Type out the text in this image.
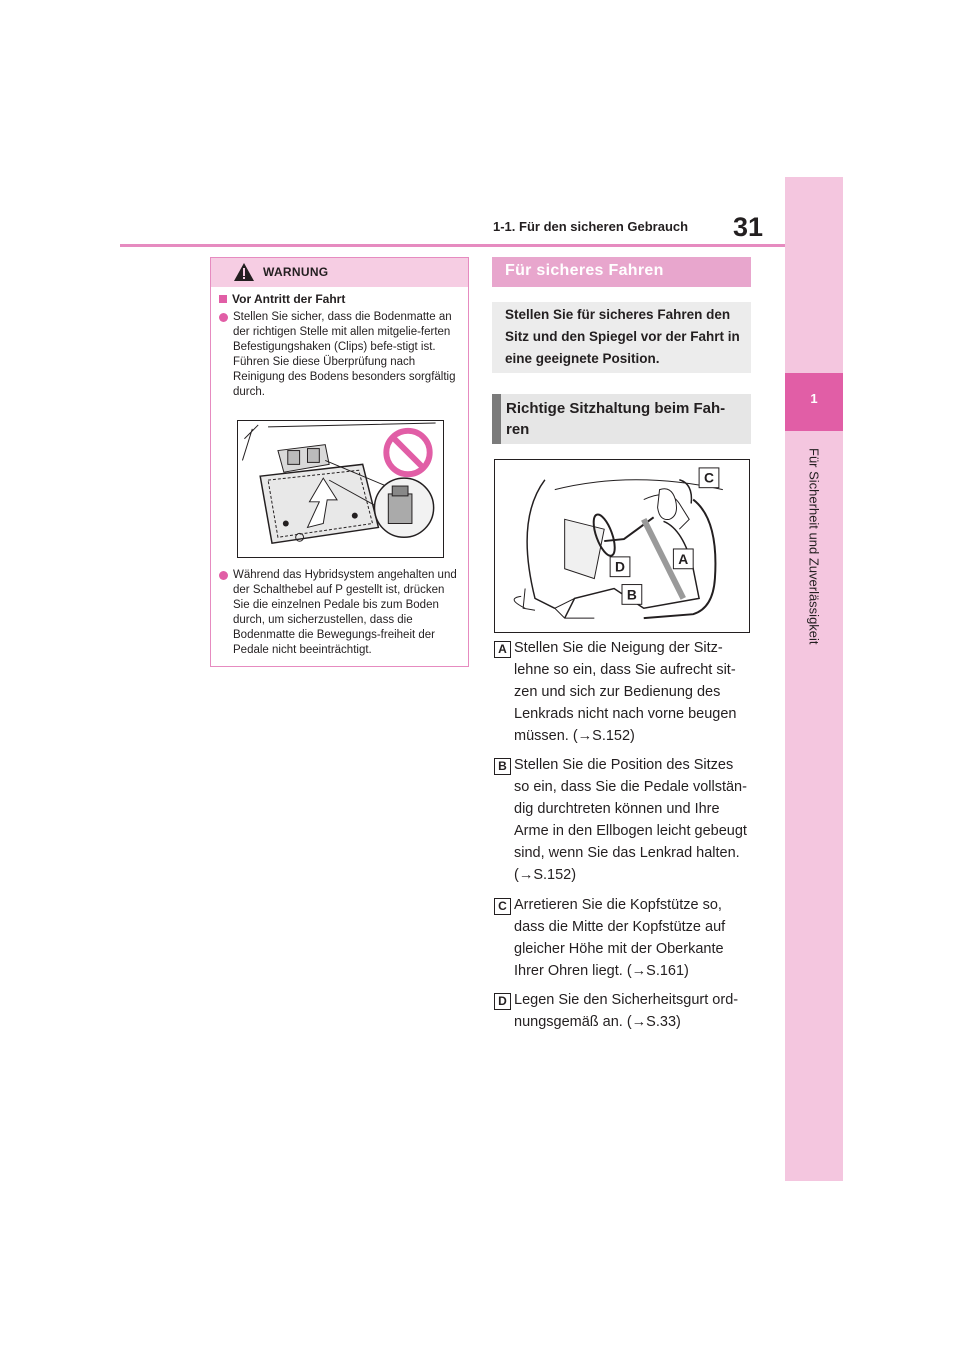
31
1-1. Für den sicheren Gebrauch
1
Für Sicherheit und Zuverlässigkeit
WARNUNG
Vor Antritt der Fahrt
Stellen Sie sicher, dass die Bodenmatte an der richtigen Stelle mit allen mitgelie-ferten Befestigungshaken (Clips) befe-stigt ist. Führen Sie diese Überprüfung nach Reinigung des Bodens besonders sorgfältig durch.
Während das Hybridsystem angehalten und der Schalthebel auf P gestellt ist, drücken Sie die einzelnen Pedale bis zum Boden durch, um sicherzustellen, dass die Bodenmatte die Bewegungs-freiheit der Pedale nicht beeinträchtigt.
Für sicheres Fahren
Stellen Sie für sicheres Fahren den Sitz und den Spiegel vor der Fahrt in eine geeignete Position.
Richtige Sitzhaltung beim Fah-ren
C
A
D
B
A Stellen Sie die Neigung der Sitz-lehne so ein, dass Sie aufrecht sit-zen und sich zur Bedienung des Lenkrads nicht nach vorne beugen müssen. (→S.152)
B Stellen Sie die Position des Sitzes so ein, dass Sie die Pedale vollstän-dig durchtreten können und Ihre Arme in den Ellbogen leicht gebeugt sind, wenn Sie das Lenkrad halten. (→S.152)
C Arretieren Sie die Kopfstütze so, dass die Mitte der Kopfstütze auf gleicher Höhe mit der Oberkante Ihrer Ohren liegt. (→S.161)
D Legen Sie den Sicherheitsgurt ord-nungsgemäß an. (→S.33)
